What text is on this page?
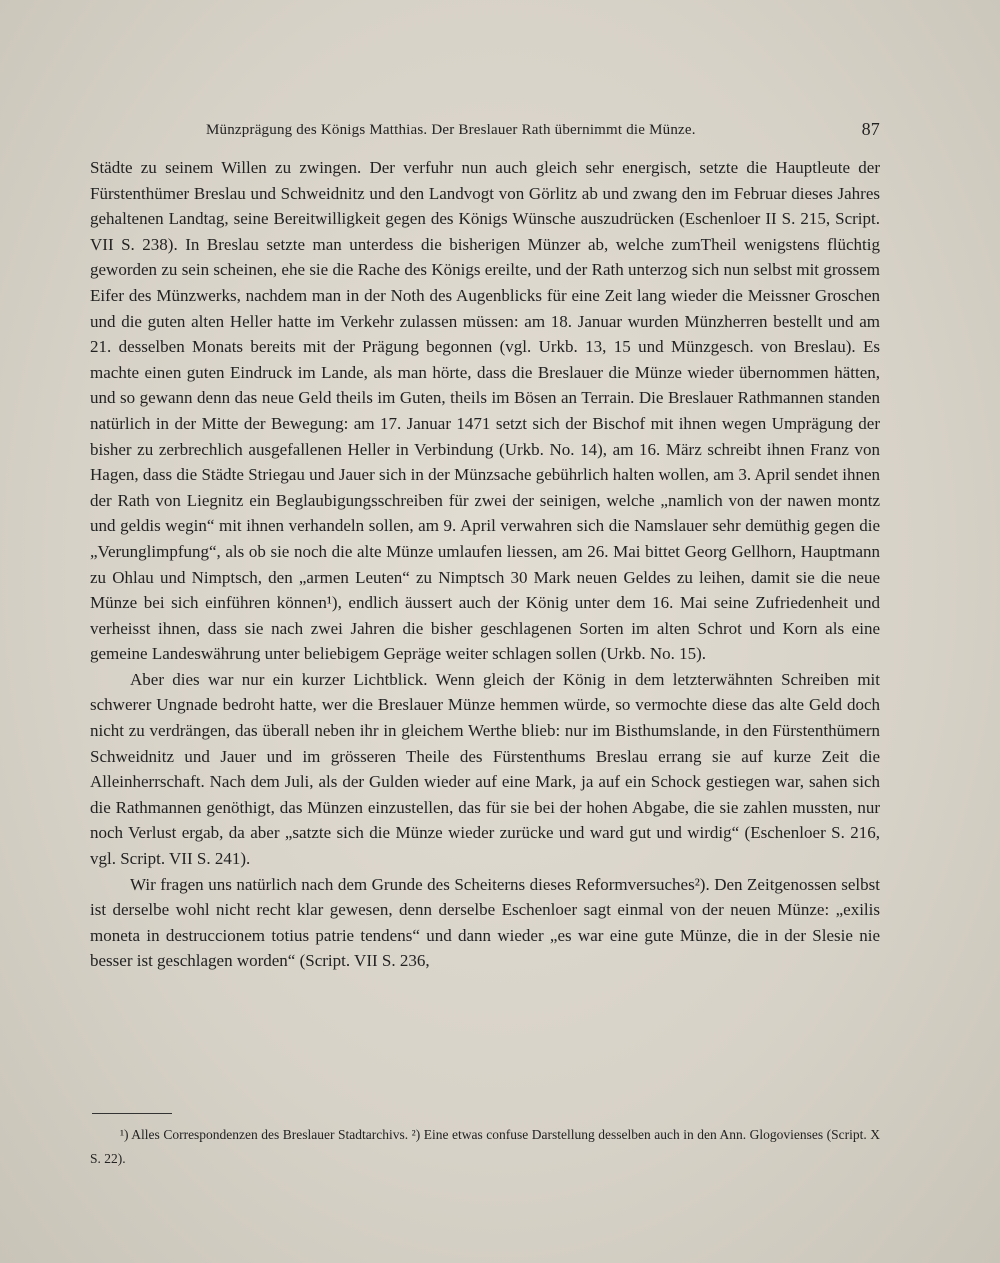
Münzprägung des Königs Matthias. Der Breslauer Rath übernimmt die Münze.	87

Städte zu seinem Willen zu zwingen. Der verfuhr nun auch gleich sehr energisch, setzte die Hauptleute der Fürstenthümer Breslau und Schweidnitz und den Landvogt von Görlitz ab und zwang den im Februar dieses Jahres gehaltenen Landtag, seine Bereitwilligkeit gegen des Königs Wünsche auszudrücken (Eschenloer II S. 215, Script. VII S. 238). In Breslau setzte man unterdess die bisherigen Münzer ab, welche zumTheil wenigstens flüchtig geworden zu sein scheinen, ehe sie die Rache des Königs ereilte, und der Rath unterzog sich nun selbst mit grossem Eifer des Münzwerks, nachdem man in der Noth des Augenblicks für eine Zeit lang wieder die Meissner Groschen und die guten alten Heller hatte im Verkehr zulassen müssen: am 18. Januar wurden Münzherren bestellt und am 21. desselben Monats bereits mit der Prägung begonnen (vgl. Urkb. 13, 15 und Münzgesch. von Breslau). Es machte einen guten Eindruck im Lande, als man hörte, dass die Breslauer die Münze wieder übernommen hätten, und so gewann denn das neue Geld theils im Guten, theils im Bösen an Terrain. Die Breslauer Rathmannen standen natürlich in der Mitte der Bewegung: am 17. Januar 1471 setzt sich der Bischof mit ihnen wegen Umprägung der bisher zu zerbrechlich ausgefallenen Heller in Verbindung (Urkb. No. 14), am 16. März schreibt ihnen Franz von Hagen, dass die Städte Striegau und Jauer sich in der Münzsache gebührlich halten wollen, am 3. April sendet ihnen der Rath von Liegnitz ein Beglaubigungsschreiben für zwei der seinigen, welche „namlich von der nawen montz und geldis wegin“ mit ihnen verhandeln sollen, am 9. April verwahren sich die Namslauer sehr demüthig gegen die „Verunglimpfung“, als ob sie noch die alte Münze umlaufen liessen, am 26. Mai bittet Georg Gellhorn, Hauptmann zu Ohlau und Nimptsch, den „armen Leuten“ zu Nimptsch 30 Mark neuen Geldes zu leihen, damit sie die neue Münze bei sich einführen können¹), endlich äussert auch der König unter dem 16. Mai seine Zufriedenheit und verheisst ihnen, dass sie nach zwei Jahren die bisher geschlagenen Sorten im alten Schrot und Korn als eine gemeine Landeswährung unter beliebigem Gepräge weiter schlagen sollen (Urkb. No. 15).

Aber dies war nur ein kurzer Lichtblick. Wenn gleich der König in dem letzterwähnten Schreiben mit schwerer Ungnade bedroht hatte, wer die Breslauer Münze hemmen würde, so vermochte diese das alte Geld doch nicht zu verdrängen, das überall neben ihr in gleichem Werthe blieb: nur im Bisthumslande, in den Fürstenthümern Schweidnitz und Jauer und im grösseren Theile des Fürstenthums Breslau errang sie auf kurze Zeit die Alleinherrschaft. Nach dem Juli, als der Gulden wieder auf eine Mark, ja auf ein Schock gestiegen war, sahen sich die Rathmannen genöthigt, das Münzen einzustellen, das für sie bei der hohen Abgabe, die sie zahlen mussten, nur noch Verlust ergab, da aber „satzte sich die Münze wieder zurücke und ward gut und wirdig“ (Eschenloer S. 216, vgl. Script. VII S. 241).

Wir fragen uns natürlich nach dem Grunde des Scheiterns dieses Reformversuches²). Den Zeitgenossen selbst ist derselbe wohl nicht recht klar gewesen, denn derselbe Eschenloer sagt einmal von der neuen Münze: „exilis moneta in destruccionem totius patrie tendens“ und dann wieder „es war eine gute Münze, die in der Slesie nie besser ist geschlagen worden“ (Script. VII S. 236,

¹) Alles Correspondenzen des Breslauer Stadtarchivs. ²) Eine etwas confuse Darstellung desselben auch in den Ann. Glogovienses (Script. X S. 22).
